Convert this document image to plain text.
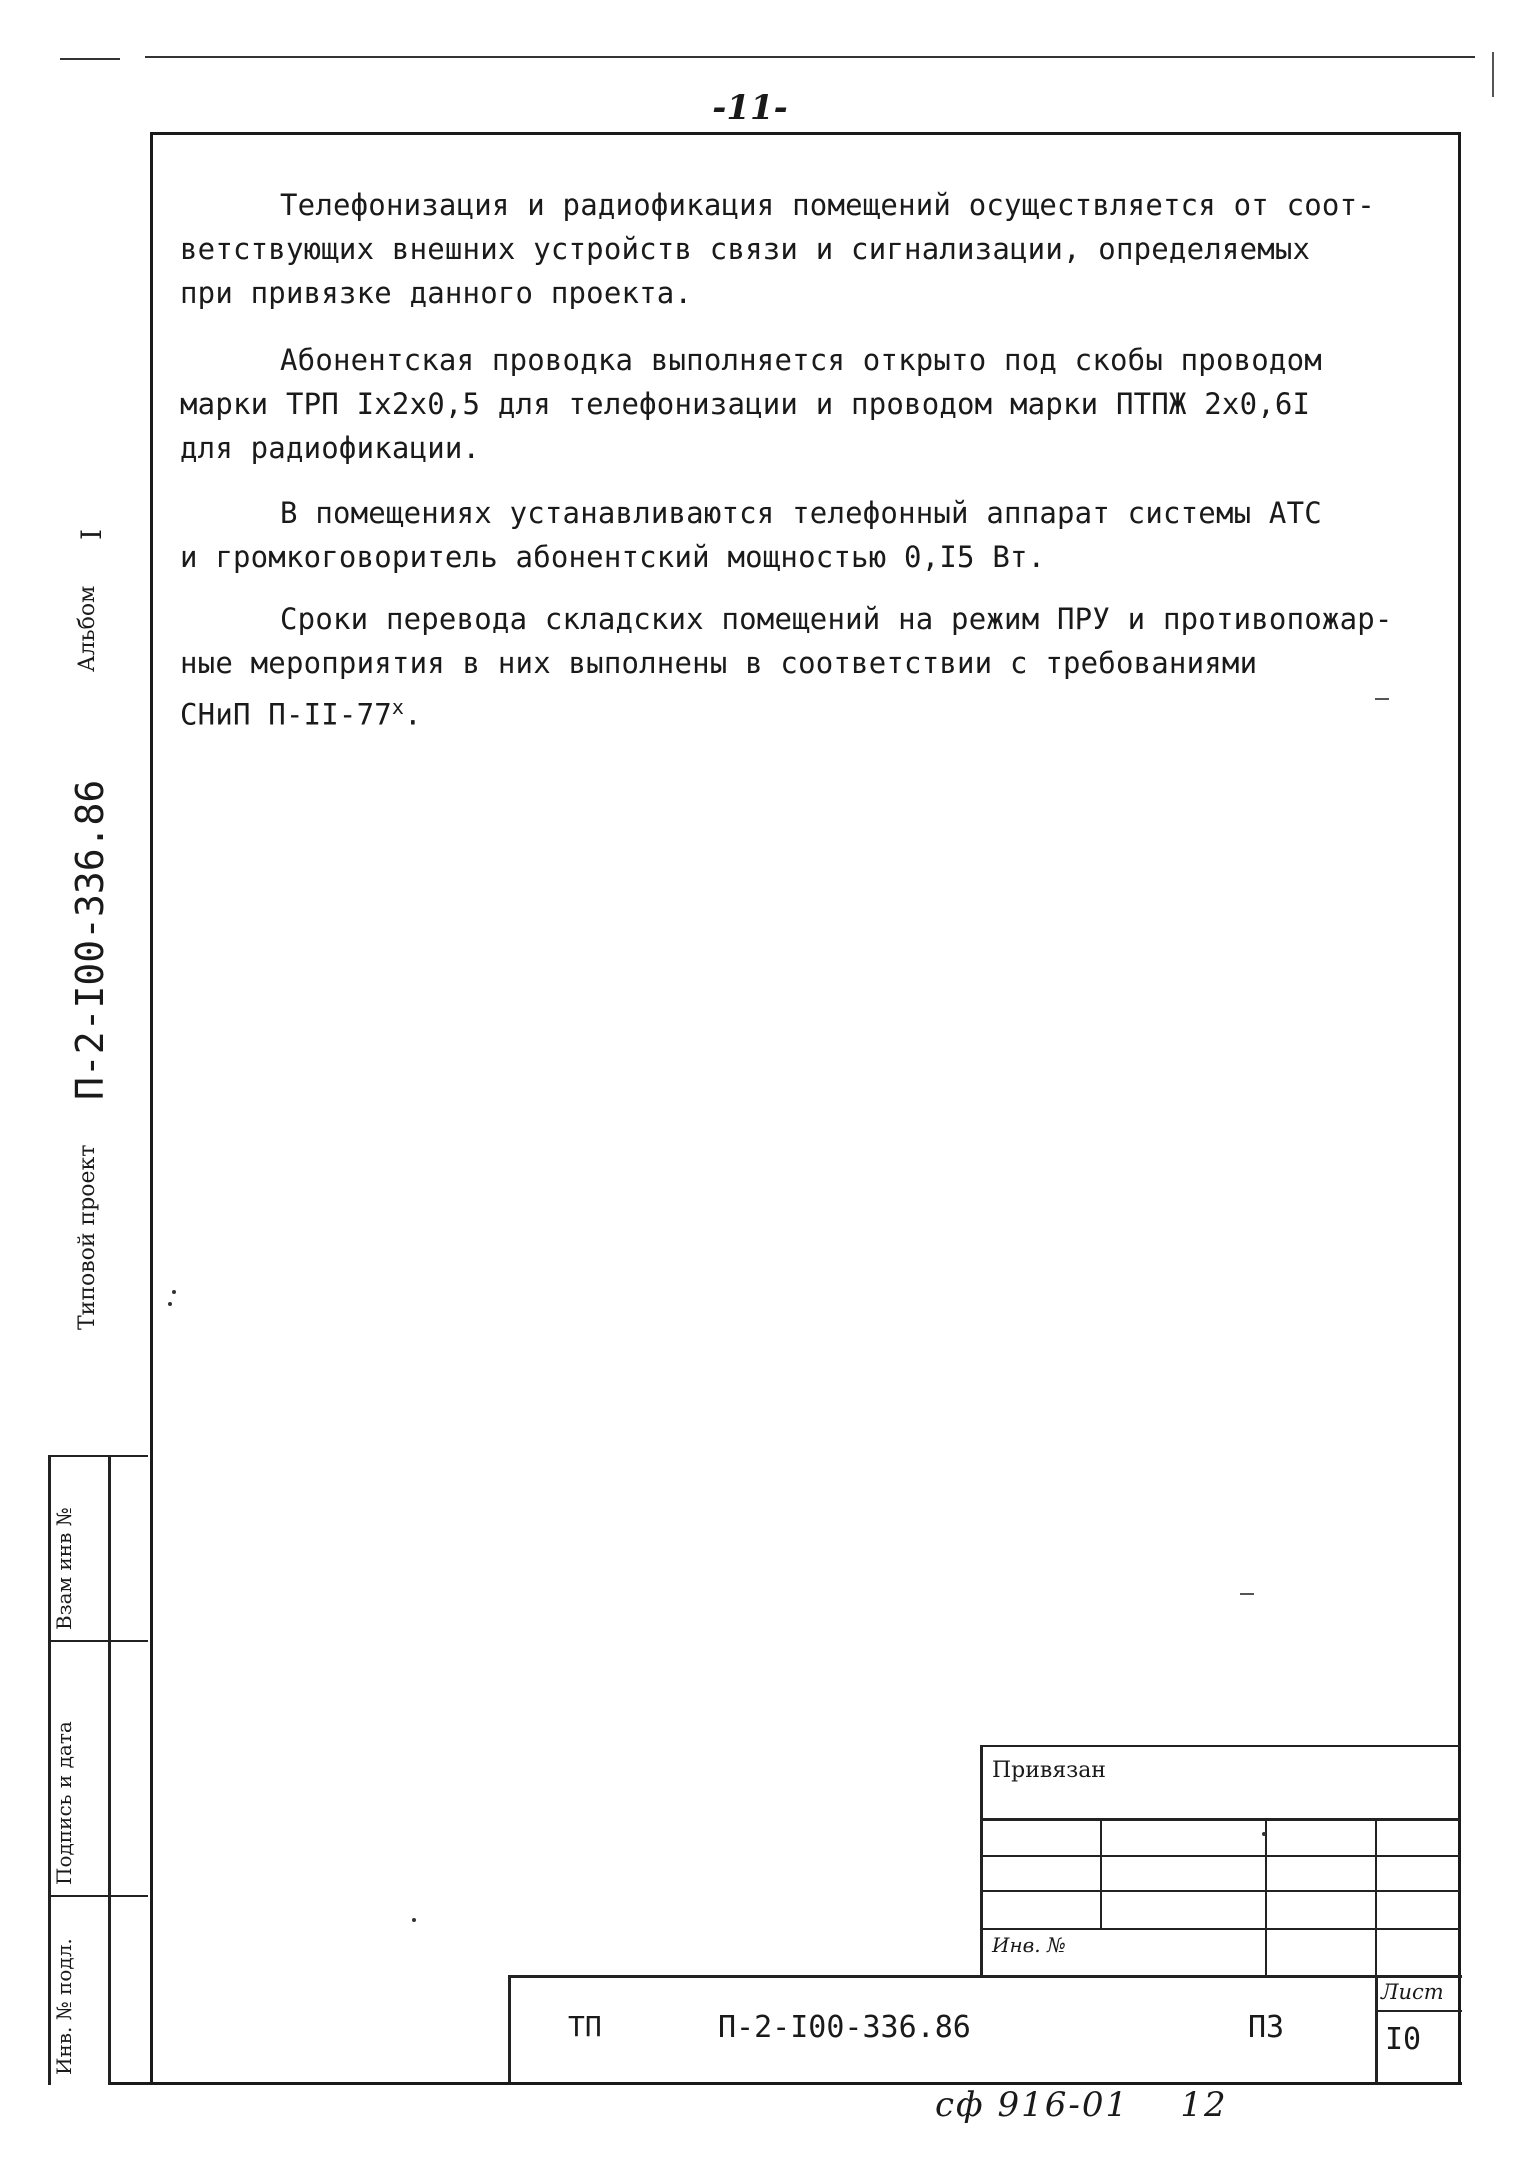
-11-
Телефонизация и радиофикация помещений осуществляется от соот-
ветствующих внешних устройств связи и сигнализации, определяемых
при привязке данного проекта.
Абонентская проводка выполняется открыто под скобы проводом
марки ТРП Iх2х0,5 для телефонизации и проводом марки ПТПЖ 2х0,6I
для радиофикации.
В помещениях устанавливаются телефонный аппарат системы АТС
и громкоговоритель абонентский мощностью 0,I5 Вт.
Сроки перевода складских помещений на режим ПРУ и противопожар-
ные мероприятия в них выполнены в соответствии с требованиями
СНиП $П-II-77^х$.
Альбом
I
Типовой проект
П-2-I00-336.86
Взам инв №
Подпись и дата
Инв. № подл.
Привязан
Инв. №
ТП	П-2-I00-336.86	ПЗ
Лист
I0
сф 916-01    12
